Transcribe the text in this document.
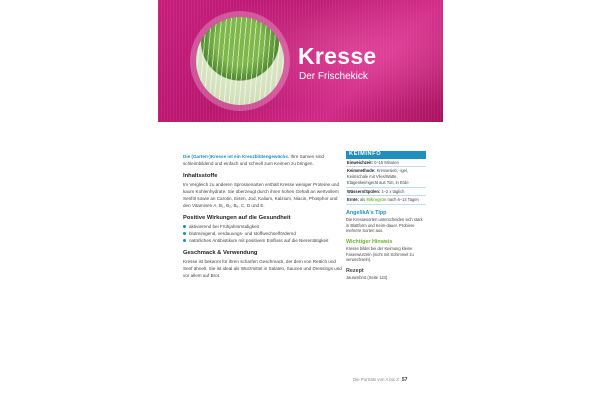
Kresse
Der Frischekick

Die (Garten-)Kresse ist ein Kreuzblütengewächs. Ihre Samen sind schleimbildend und einfach und schnell zum Keimen zu bringen.

Inhaltsstoffe

Im Vergleich zu anderen Sprossenarten enthält Kresse weniger Proteine und kaum Kohlenhydrate. Sie überzeugt durch ihren hohen Gehalt an wertvollem Senföl sowie an Carotin, Eisen, Jod, Kalium, Kalzium, Niacin, Phosphor und den Vitaminen A, B₁, B₂, B₆, C, D und E.

Positive Wirkungen auf die Gesundheit
aktivierend bei Frühjahrsmüdigkeit
blutreinigend, verdauungs- und stoffwechselfördernd
natürliches Antibiotikum mit positivem Einfluss auf die Nierentätigkeit
Geschmack & Verwendung

Kresse ist bekannt für ihren scharfen Geschmack, der dem von Rettich und Senf ähnelt. Sie ist ideal als Würzmittel in Salaten, Saucen und Dressings und vor allem auf Brot.

KEIMINFO
Einweichzeit: 0–15 Minuten
Keimmethode: Kressesieb, -igel, Keimschale mit Vlies/Watte, Etagenkeimgerät aus Ton, in Erde
Wässern/Spülen: 1–2 x täglich
Ernte: als Mikrogrün nach 6–14 Tagen
AngelikA's Tipp

Die Kressesorten unterscheiden sich stark in Blattform und Keim-dauer. Probiere mehrere Sorten aus.

Wichtiger Hinweis

Kresse bildet bei der Keimung kleine Fasenwurzeln (nicht mit Schimmel zu verwechseln).

Rezept

Jausenbrot (Seite 124)

Die Porträts von A bis Z 57
